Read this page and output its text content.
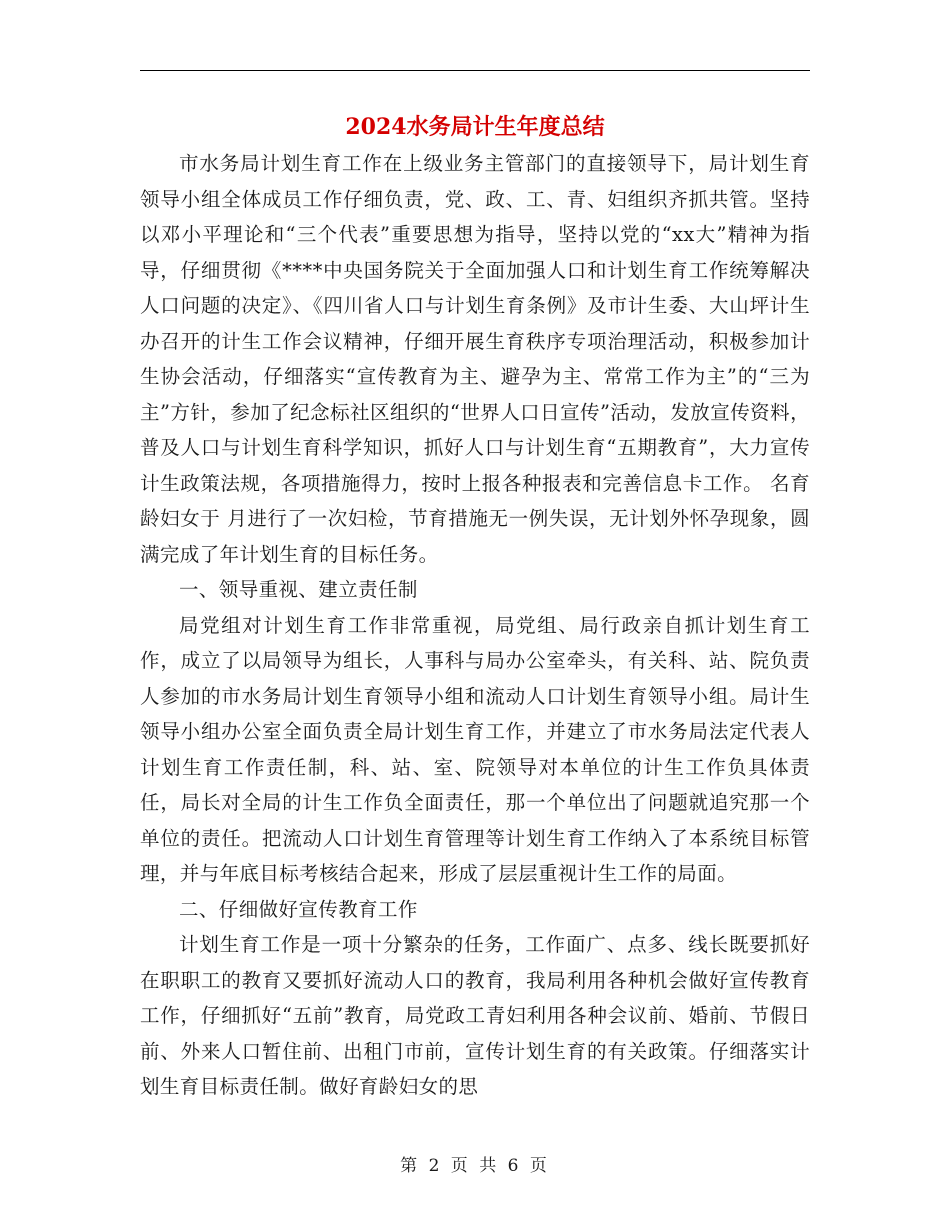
2024水务局计生年度总结

市水务局计划生育工作在上级业务主管部门的直接领导下，局计划生育领导小组全体成员工作仔细负责，党、政、工、青、妇组织齐抓共管。坚持以邓小平理论和“三个代表”重要思想为指导，坚持以党的“xx大”精神为指导，仔细贯彻《****中央国务院关于全面加强人口和计划生育工作统筹解决人口问题的决定》、《四川省人口与计划生育条例》及市计生委、大山坪计生办召开的计生工作会议精神，仔细开展生育秩序专项治理活动，积极参加计生协会活动，仔细落实“宣传教育为主、避孕为主、常常工作为主”的“三为主”方针，参加了纪念标社区组织的“世界人口日宣传”活动，发放宣传资料，普及人口与计划生育科学知识，抓好人口与计划生育“五期教育”，大力宣传计生政策法规，各项措施得力，按时上报各种报表和完善信息卡工作。 名育龄妇女于 月进行了一次妇检，节育措施无一例失误，无计划外怀孕现象，圆满完成了年计划生育的目标任务。

一、领导重视、建立责任制

局党组对计划生育工作非常重视，局党组、局行政亲自抓计划生育工作，成立了以局领导为组长，人事科与局办公室牵头，有关科、站、院负责人参加的市水务局计划生育领导小组和流动人口计划生育领导小组。局计生领导小组办公室全面负责全局计划生育工作，并建立了市水务局法定代表人计划生育工作责任制，科、站、室、院领导对本单位的计生工作负具体责任，局长对全局的计生工作负全面责任，那一个单位出了问题就追究那一个单位的责任。把流动人口计划生育管理等计划生育工作纳入了本系统目标管理，并与年底目标考核结合起来，形成了层层重视计生工作的局面。

二、仔细做好宣传教育工作

计划生育工作是一项十分繁杂的任务，工作面广、点多、线长既要抓好在职职工的教育又要抓好流动人口的教育，我局利用各种机会做好宣传教育工作，仔细抓好“五前”教育，局党政工青妇利用各种会议前、婚前、节假日前、外来人口暂住前、出租门市前，宣传计划生育的有关政策。仔细落实计划生育目标责任制。做好育龄妇女的思

第 2 页 共 6 页
